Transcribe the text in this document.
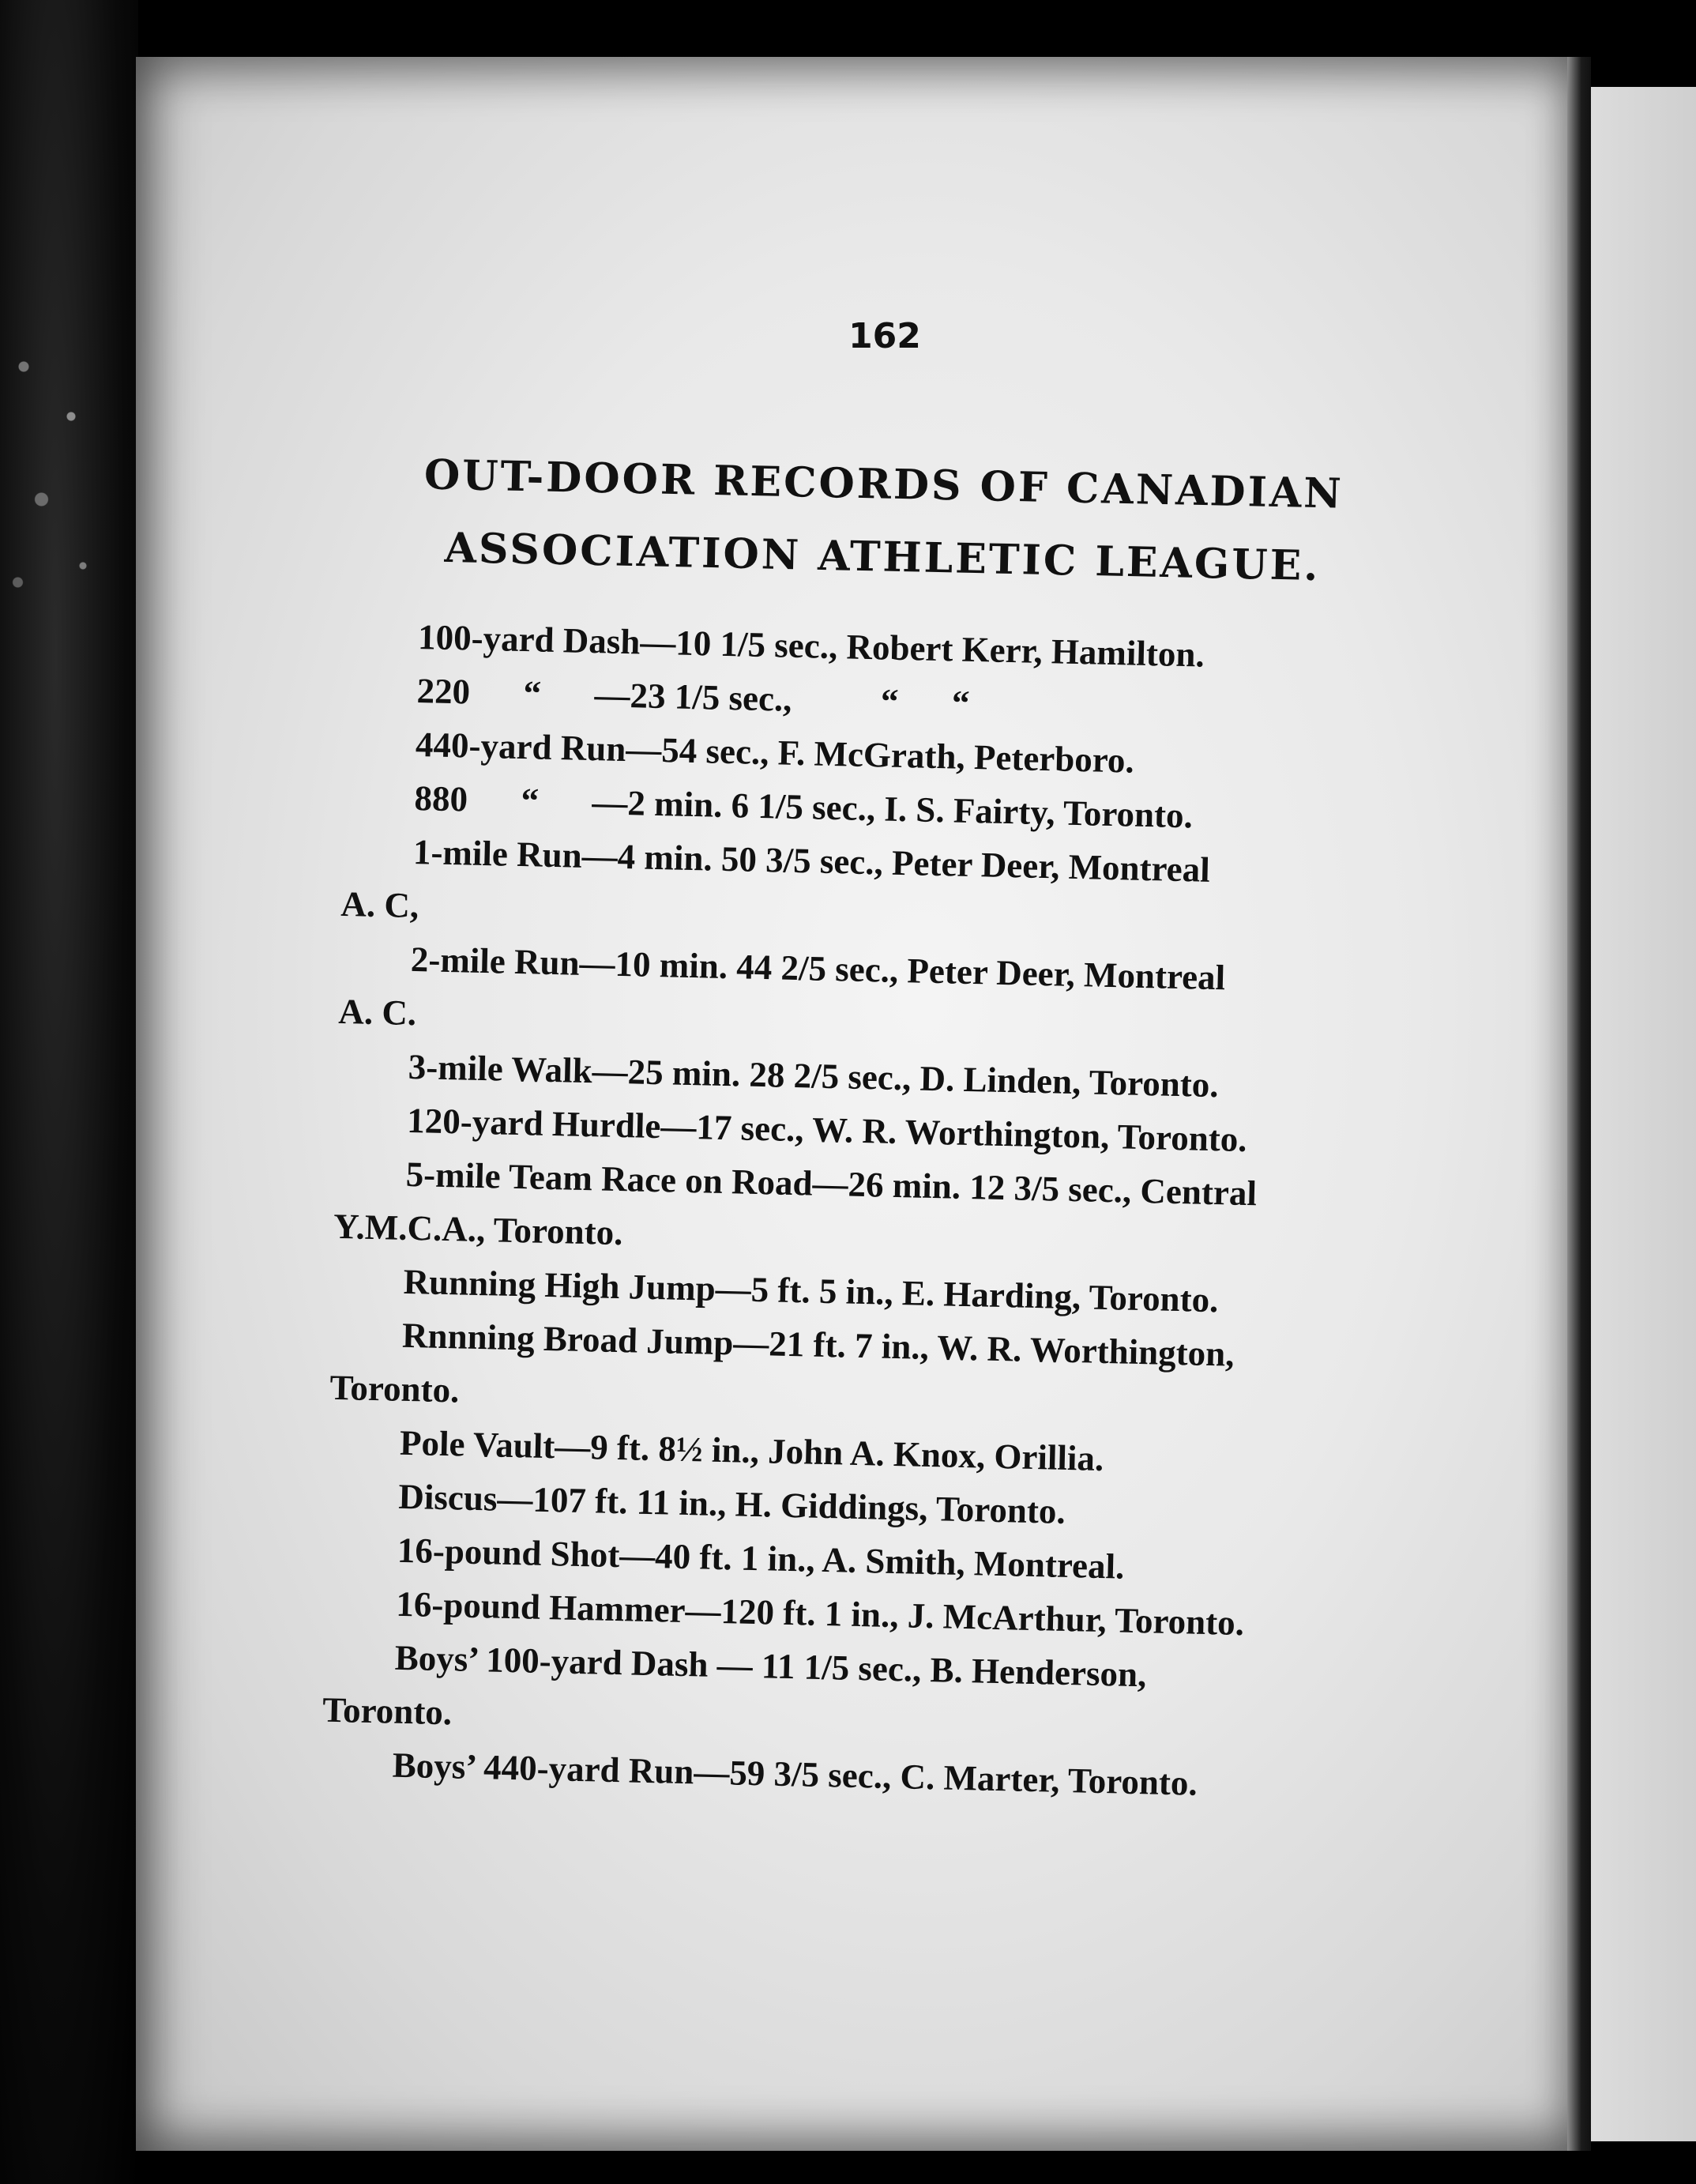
162
OUT-DOOR RECORDS OF CANADIAN
ASSOCIATION ATHLETIC LEAGUE.

100-yard Dash—10 1/5 sec., Robert Kerr, Hamilton.

220      “      —23 1/5 sec.,          “      “

440-yard Run—54 sec., F. McGrath, Peterboro.

880      “      —2 min. 6 1/5 sec., I. S. Fairty, Toronto.

1-mile Run—4 min. 50 3/5 sec., Peter Deer, Montreal
A. C,

2-mile Run—10 min. 44 2/5 sec., Peter Deer, Montreal
A. C.

3-mile Walk—25 min. 28 2/5 sec., D. Linden, Toronto.

120-yard Hurdle—17 sec., W. R. Worthington, Toronto.

5-mile Team Race on Road—26 min. 12 3/5 sec., Central
Y.M.C.A., Toronto.

Running High Jump—5 ft. 5 in., E. Harding, Toronto.

Rnnning Broad Jump—21 ft. 7 in., W. R. Worthington,
Toronto.

Pole Vault—9 ft. 8½ in., John A. Knox, Orillia.

Discus—107 ft. 11 in., H. Giddings, Toronto.

16-pound Shot—40 ft. 1 in., A. Smith, Montreal.

16-pound Hammer—120 ft. 1 in., J. McArthur, Toronto.

Boys’ 100-yard Dash — 11 1/5 sec., B. Henderson,
Toronto.

Boys’ 440-yard Run—59 3/5 sec., C. Marter, Toronto.
